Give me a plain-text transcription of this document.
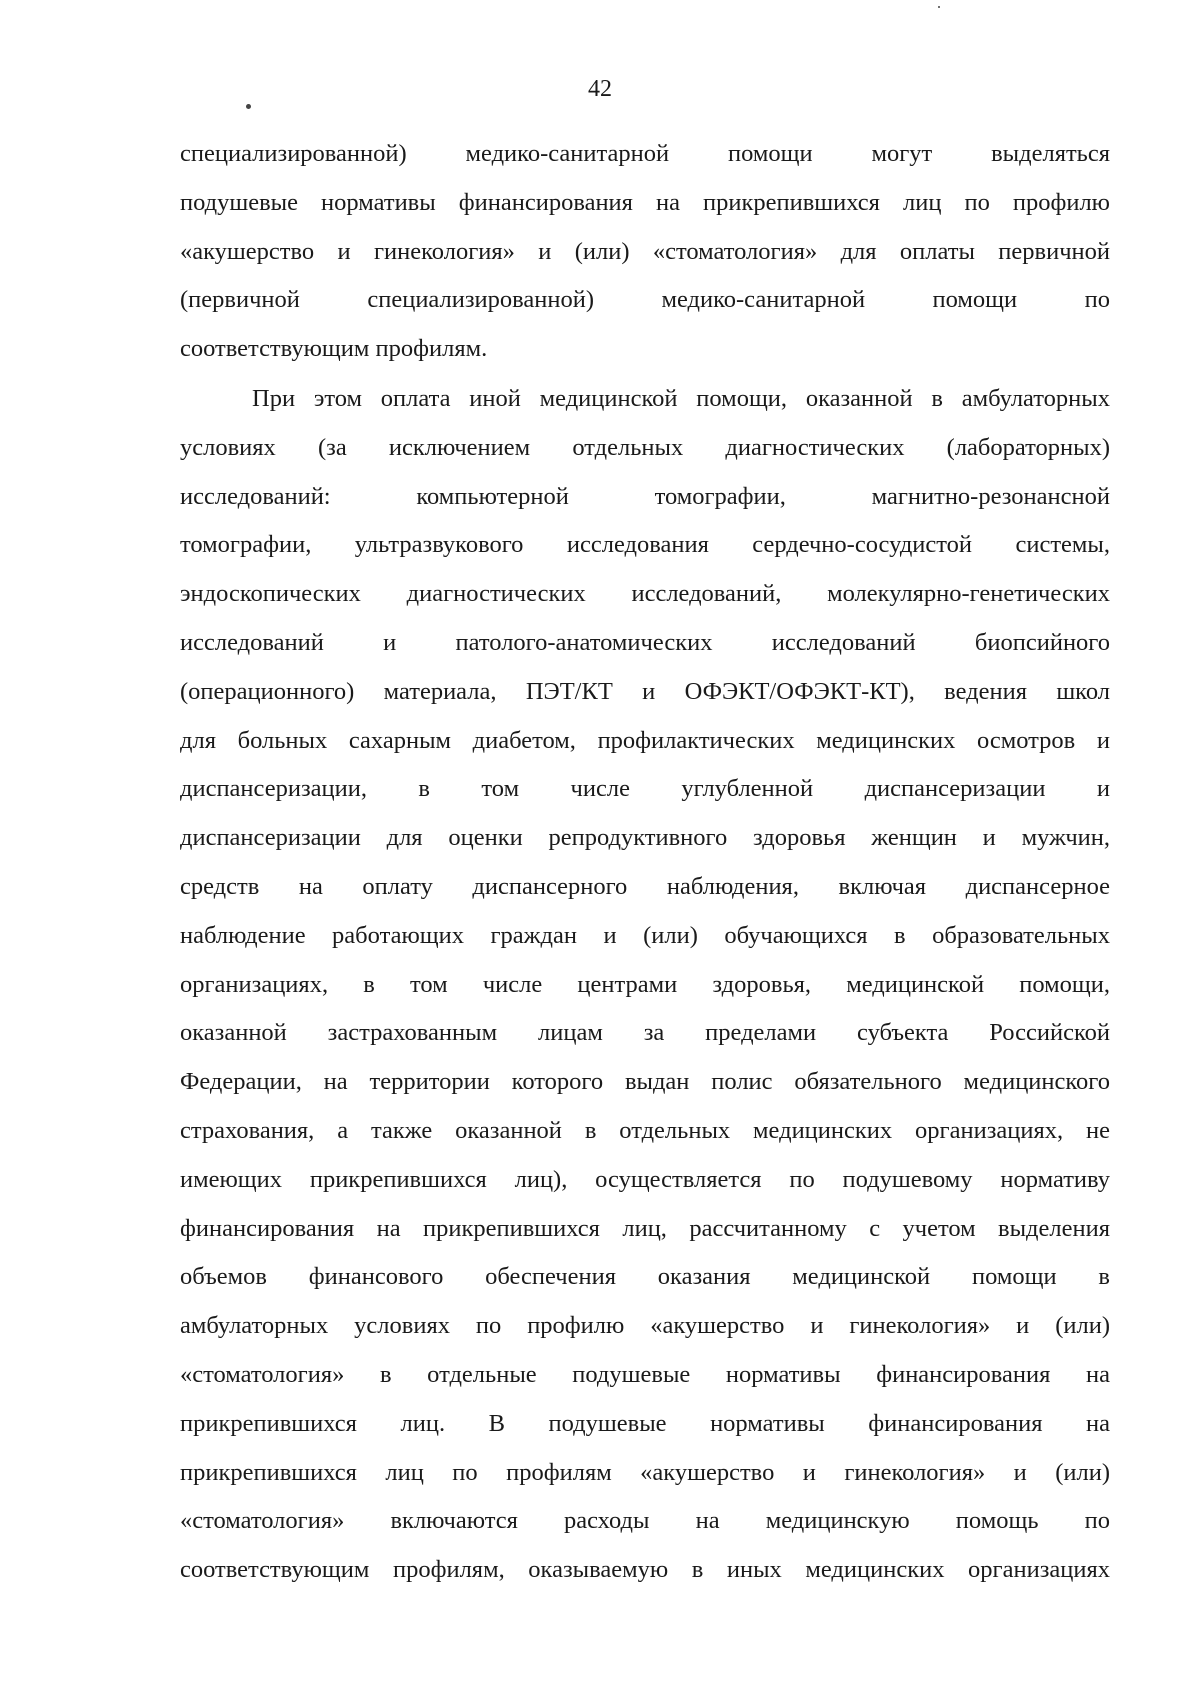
42
специализированной) медико-санитарной помощи могут выделяться
подушевые нормативы финансирования на прикрепившихся лиц по профилю
«акушерство и гинекология» и (или) «стоматология» для оплаты первичной
(первичной специализированной) медико-санитарной помощи по
соответствующим профилям.
При этом оплата иной медицинской помощи, оказанной в амбулаторных
условиях (за исключением отдельных диагностических (лабораторных)
исследований: компьютерной томографии, магнитно-резонансной
томографии, ультразвукового исследования сердечно-сосудистой системы,
эндоскопических диагностических исследований, молекулярно-генетических
исследований и патолого-анатомических исследований биопсийного
(операционного) материала, ПЭТ/КТ и ОФЭКТ/ОФЭКТ-КТ), ведения школ
для больных сахарным диабетом, профилактических медицинских осмотров и
диспансеризации, в том числе углубленной диспансеризации и
диспансеризации для оценки репродуктивного здоровья женщин и мужчин,
средств на оплату диспансерного наблюдения, включая диспансерное
наблюдение работающих граждан и (или) обучающихся в образовательных
организациях, в том числе центрами здоровья, медицинской помощи,
оказанной застрахованным лицам за пределами субъекта Российской
Федерации, на территории которого выдан полис обязательного медицинского
страхования, а также оказанной в отдельных медицинских организациях, не
имеющих прикрепившихся лиц), осуществляется по подушевому нормативу
финансирования на прикрепившихся лиц, рассчитанному с учетом выделения
объемов финансового обеспечения оказания медицинской помощи в
амбулаторных условиях по профилю «акушерство и гинекология» и (или)
«стоматология» в отдельные подушевые нормативы финансирования на
прикрепившихся лиц. В подушевые нормативы финансирования на
прикрепившихся лиц по профилям «акушерство и гинекология» и (или)
«стоматология» включаются расходы на медицинскую помощь по
соответствующим профилям, оказываемую в иных медицинских организациях
